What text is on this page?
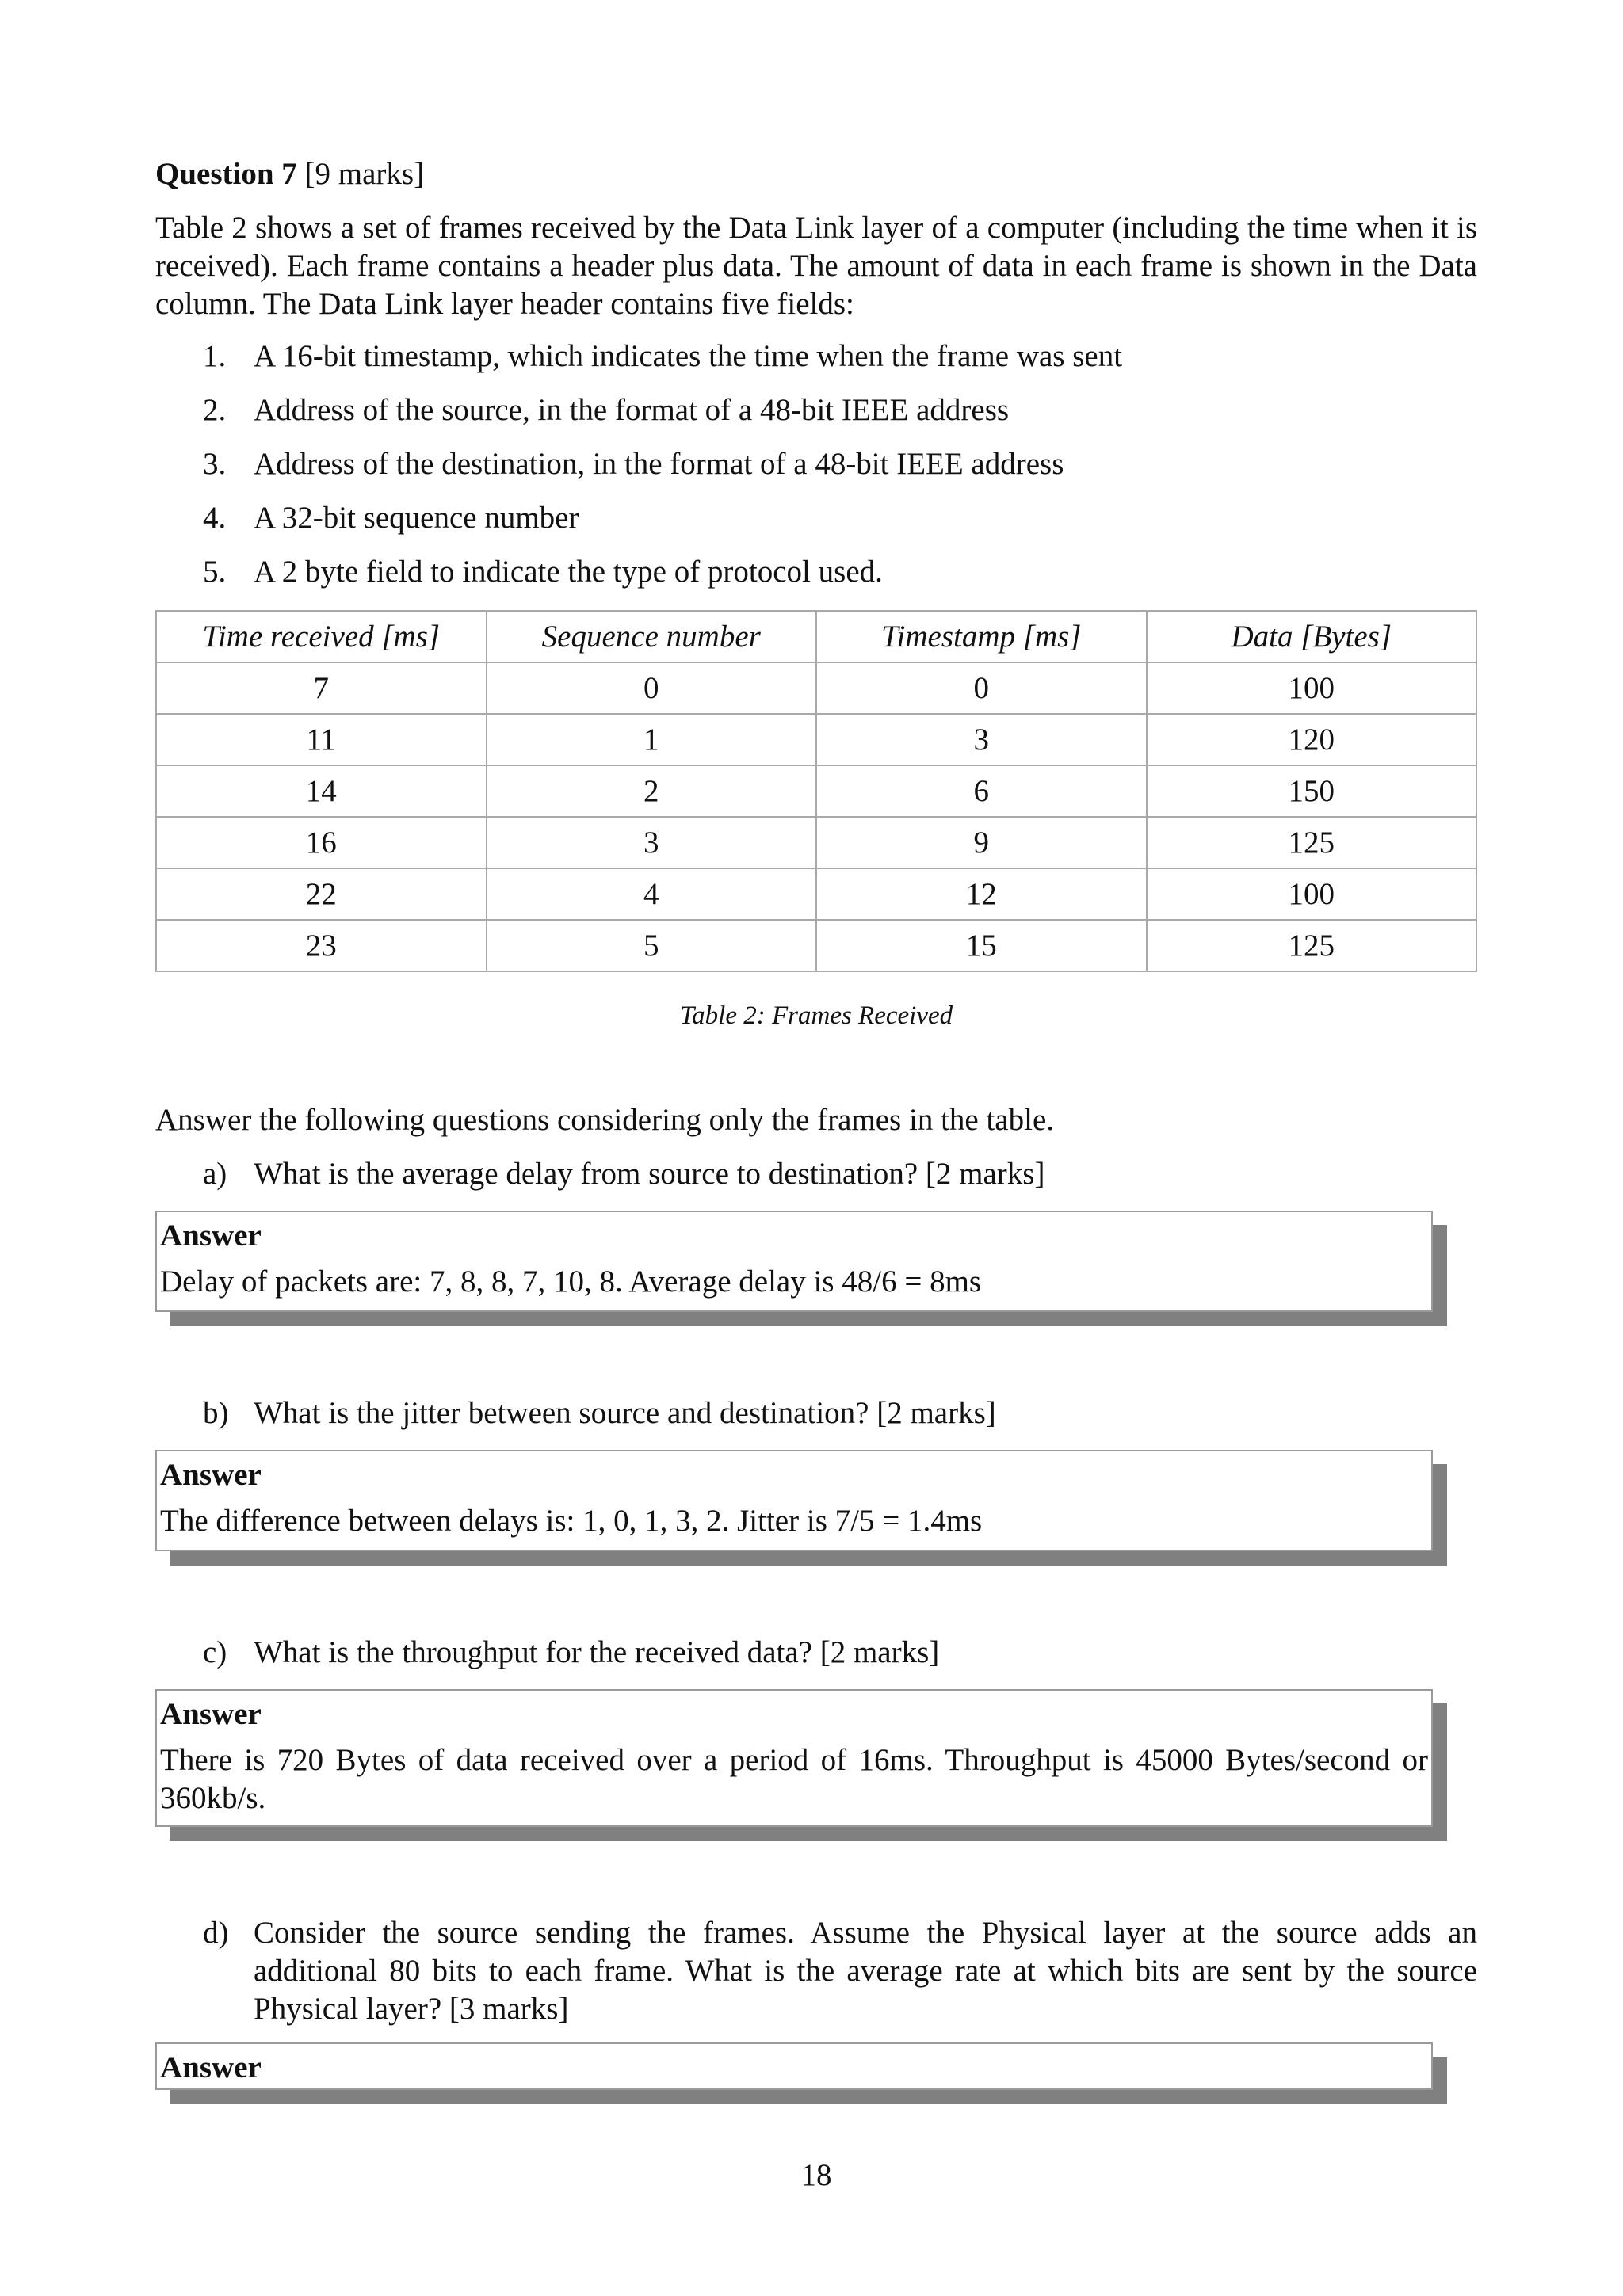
Question 7 [9 marks]
Table 2 shows a set of frames received by the Data Link layer of a computer (including the time when it is received). Each frame contains a header plus data. The amount of data in each frame is shown in the Data column. The Data Link layer header contains five fields:
1. A 16-bit timestamp, which indicates the time when the frame was sent
2. Address of the source, in the format of a 48-bit IEEE address
3. Address of the destination, in the format of a 48-bit IEEE address
4. A 32-bit sequence number
5. A 2 byte field to indicate the type of protocol used.
Time received [ms]	Sequence number	Timestamp [ms]	Data [Bytes]
7	0	0	100
11	1	3	120
14	2	6	150
16	3	9	125
22	4	12	100
23	5	15	125
Table 2: Frames Received
Answer the following questions considering only the frames in the table.
a) What is the average delay from source to destination? [2 marks]
Answer
Delay of packets are: 7, 8, 8, 7, 10, 8. Average delay is 48/6 = 8ms
b) What is the jitter between source and destination? [2 marks]
Answer
The difference between delays is: 1, 0, 1, 3, 2. Jitter is 7/5 = 1.4ms
c) What is the throughput for the received data? [2 marks]
Answer
There is 720 Bytes of data received over a period of 16ms. Throughput is 45000 Bytes/second or 360kb/s.
d) Consider the source sending the frames. Assume the Physical layer at the source adds an additional 80 bits to each frame. What is the average rate at which bits are sent by the source Physical layer? [3 marks]
Answer
18
